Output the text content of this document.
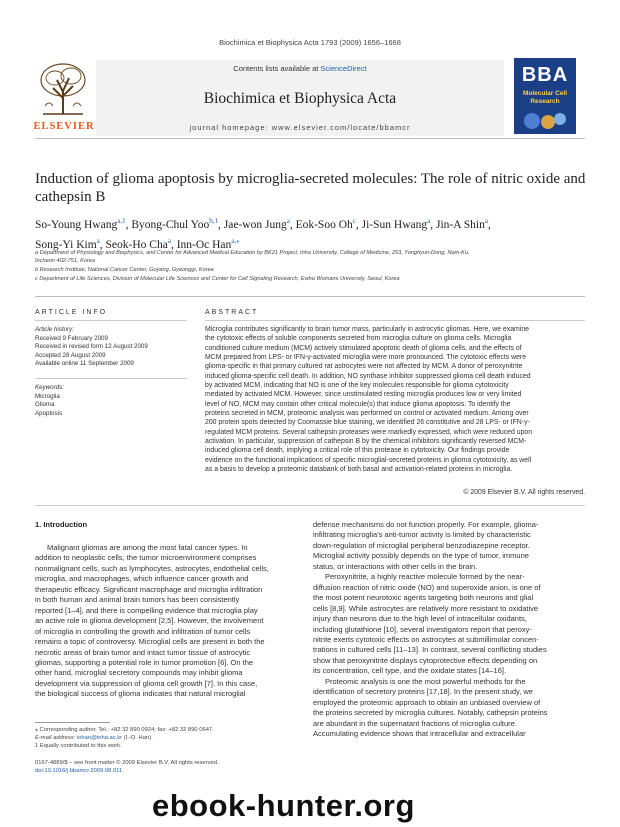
Biochimica et Biophysica Acta 1793 (2009) 1656–1668
Contents lists available at ScienceDirect
Biochimica et Biophysica Acta
journal homepage: www.elsevier.com/locate/bbamcr
ELSEVIER
BBA
Molecular Cell
Research
Induction of glioma apoptosis by microglia-secreted molecules: The role of nitric oxide and cathepsin B
So-Young Hwang$^{a,1}$, Byong-Chul Yoo$^{b,1}$, Jae-won Jung$^a$, Eok-Soo Oh$^c$, Ji-Sun Hwang$^a$, Jin-A Shin$^a$,
Song-Yi Kim$^a$, Seok-Ho Cha$^a$, Inn-Oc Han$^{a,⁎}$
a Department of Physiology and Biophysics, and Center for Advanced Medical Education by BK21 Project, Inha University, College of Medicine, 253, Yonghyun-Dong, Nam-Ku,
Incheon 402-751, Korea
b Research Institute, National Cancer Center, Goyang, Gyeonggi, Korea
c Department of Life Sciences, Division of Molecular Life Sciences and Center for Cell Signaling Research, Ewha Womans University, Seoul, Korea
ARTICLE INFO
Article history:
Received 9 February 2009
Received in revised form 12 August 2009
Accepted 28 August 2009
Available online 11 September 2009
Keywords:
Microglia
Glioma
Apoptosis
ABSTRACT
Microglia contributes significantly to brain tumor mass, particularly in astrocytic gliomas. Here, we examine
the cytotoxic effects of soluble components secreted from microglia culture on glioma cells. Microglia
conditioned culture medium (MCM) actively stimulated apoptotic death of glioma cells, and the effects of
MCM prepared from LPS- or IFN-γ-activated microglia were more pronounced. The cytotoxic effects were
glioma-specific in that primary cultured rat astrocytes were not affected by MCM. A donor of peroxynitrite
induced glioma-specific cell death. In addition, NO synthase inhibitor suppressed glioma cell death induced
by activated MCM, indicating that NO is one of the key molecules responsible for glioma cytotoxicity
mediated by activated MCM. However, since unstimulated resting microglia produces low or very limited
level of NO, MCM may contain other critical molecule(s) that induce glioma apoptosis. To identify the
proteins secreted in MCM, proteomic analysis was performed on control or activated medium. Among over
200 protein spots detected by Coomassie blue staining, we identified 26 constitutive and 28 LPS- or IFN-γ-
regulated MCM proteins. Several cathepsin proteases were markedly expressed, which were reduced upon
activation. In particular, suppression of cathepsin B by the chemical inhibitors significantly reversed MCM-
induced glioma cell death, implying a critical role of this protease in cytotoxicity. Our findings provide
evidence on the functional implications of specific microglial-secreted proteins in glioma cytotoxicity, as well
as a basis to develop a proteomic databank of both basal and activation-related proteins in microglia.
© 2009 Elsevier B.V. All rights reserved.
1. Introduction
Malignant gliomas are among the most fatal cancer types. In
addition to neoplastic cells, the tumor microenvironment comprises
nonmalignant cells, such as lymphocytes, astrocytes, endothelial cells,
microglia, and macrophages, which influence cancer growth and
therapeutic efficacy. Significant macrophage and microglia infiltration
in both human and animal brain tumors has been consistently
reported [1–4], and there is compelling evidence that microglia play
an active role in glioma development [2,5]. However, the involvement
of microglia in controlling the growth and infiltration of tumor cells
remains a topic of controversy. Microglial cells are present in both the
necrotic areas of brain tumor and intact tumor tissue of astrocytic
gliomas, supporting a potential role in tumor promotion [6]. On the
other hand, microglial secretory compounds may inhibit glioma
development via suppression of glioma cell growth [7]. In this case,
the biological success of glioma indicates that natural microglial
defense mechanisms do not function properly. For example, glioma-
infiltrating microglia's anti-tumor activity is limited by characteristic
down-regulation of microglial peripheral benzodiazepine receptor.
Microglial activity possibly depends on the type of tumor, immune
status, or interactions with other cells in the brain.
Peroxynitrite, a highly reactive molecule formed by the near-
diffusion reaction of nitric oxide (NO) and superoxide anion, is one of
the most potent neurotoxic agents targeting both neurons and glial
cells [8,9]. While astrocytes are relatively more resistant to oxidative
injury than neurons due to the high level of intracellular oxidants,
including glutathione [10], several investigators report that peroxy-
nitrite exerts cytotoxic effects on astrocytes at submillimolar concen-
trations in cultured cells [11–13]. In contrast, several conflicting studies
show that peroxynitrite displays cytoprotective effects depending on
its concentration, cell type, and the oxidate states [14–16].
Proteomic analysis is one the most powerful methods for the
identification of secretory proteins [17,18]. In the present study, we
employed the proteomic approach to obtain an unbiased overview of
the proteins secreted by microglia cultures. Notably, cathepsin proteins
are abundant in the supernatant fractions of microglia culture.
Accumulating evidence shows that intracellular and extracellular
⁎ Corresponding author. Tel.: +82 32 890 0924; fax: +82 32 890 0647.
E-mail address: iohan@inha.ac.kr (I.-O. Han).
1 Equally contributed to this work.
0167-4889/$ – see front matter © 2009 Elsevier B.V. All rights reserved.
doi:10.1016/j.bbamcr.2009.08.011
ebook-hunter.org
